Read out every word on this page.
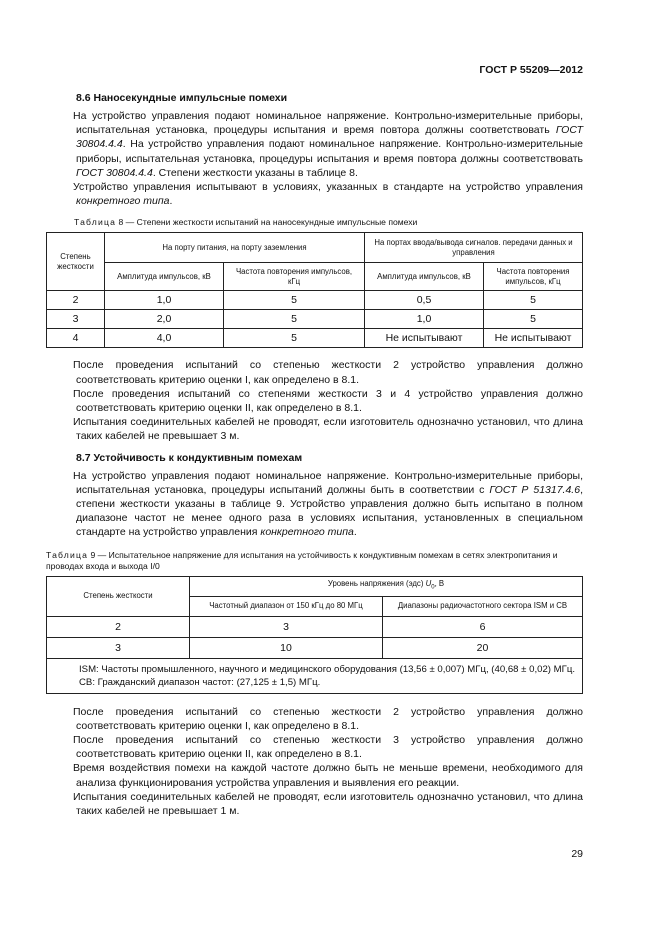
ГОСТ Р 55209—2012
8.6 Наносекундные импульсные помехи

На устройство управления подают номинальное напряжение. Контрольно-измерительные приборы, испытательная установка, процедуры испытания и время повтора должны соответствовать ГОСТ 30804.4.4. На устройство управления подают номинальное напряжение. Контрольно-измерительные приборы, испытательная установка, процедуры испытания и время повтора должны соответствовать ГОСТ 30804.4.4. Степени жесткости указаны в таблице 8.

Устройство управления испытывают в условиях, указанных в стандарте на устройство управления конкретного типа.

Таблица 8 — Степени жесткости испытаний на наносекундные импульсные помехи
Степень жесткости	На порту питания, на порту заземления		На портах ввода/вывода сигналов. передачи данных и управления	
	Амплитуда импульсов, кВ	Частота повторения импульсов, кГц	Амплитуда импульсов, кВ	Частота повторения импульсов, кГц
2	1,0	5	0,5	5
3	2,0	5	1,0	5
4	4,0	5	Не испытывают	Не испытывают

После проведения испытаний со степенью жесткости 2 устройство управления должно соответствовать критерию оценки I, как определено в 8.1.

После проведения испытаний со степенями жесткости 3 и 4 устройство управления должно соответствовать критерию оценки II, как определено в 8.1.

Испытания соединительных кабелей не проводят, если изготовитель однозначно установил, что длина таких кабелей не превышает 3 м.

8.7 Устойчивость к кондуктивным помехам

На устройство управления подают номинальное напряжение. Контрольно-измерительные приборы, испытательная установка, процедуры испытаний должны быть в соответствии с ГОСТ Р 51317.4.6, степени жесткости указаны в таблице 9. Устройство управления должно быть испытано в полном диапазоне частот не менее одного раза в условиях испытания, установленных в специальном стандарте на устройство управления конкретного типа.

Таблица 9 — Испытательное напряжение для испытания на устойчивость к кондуктивным помехам в сетях электропитания и проводах входа и выхода I/0
Степень жесткости	Уровень напряжения (эдс) $U_0$, В	
	Частотный диапазон от 150 кГц до 80 МГц	Диапазоны радиочастотного сектора ISM и СВ
2	3	6
3	10	20

ISM: Частоты промышленного, научного и медицинского оборудования (13,56 ± 0,007) МГц, (40,68 ± 0,02) МГц.
СВ: Гражданский диапазон частот: (27,125 ± 1,5) МГц.		

После проведения испытаний со степенью жесткости 2 устройство управления должно соответствовать критерию оценки I, как определено в 8.1.

После проведения испытаний со степенью жесткости 3 устройство управления должно соответствовать критерию оценки II, как определено в 8.1.

Время воздействия помехи на каждой частоте должно быть не меньше времени, необходимого для анализа функционирования устройства управления и выявления его реакции.

Испытания соединительных кабелей не проводят, если изготовитель однозначно установил, что длина таких кабелей не превышает 1 м.

29
